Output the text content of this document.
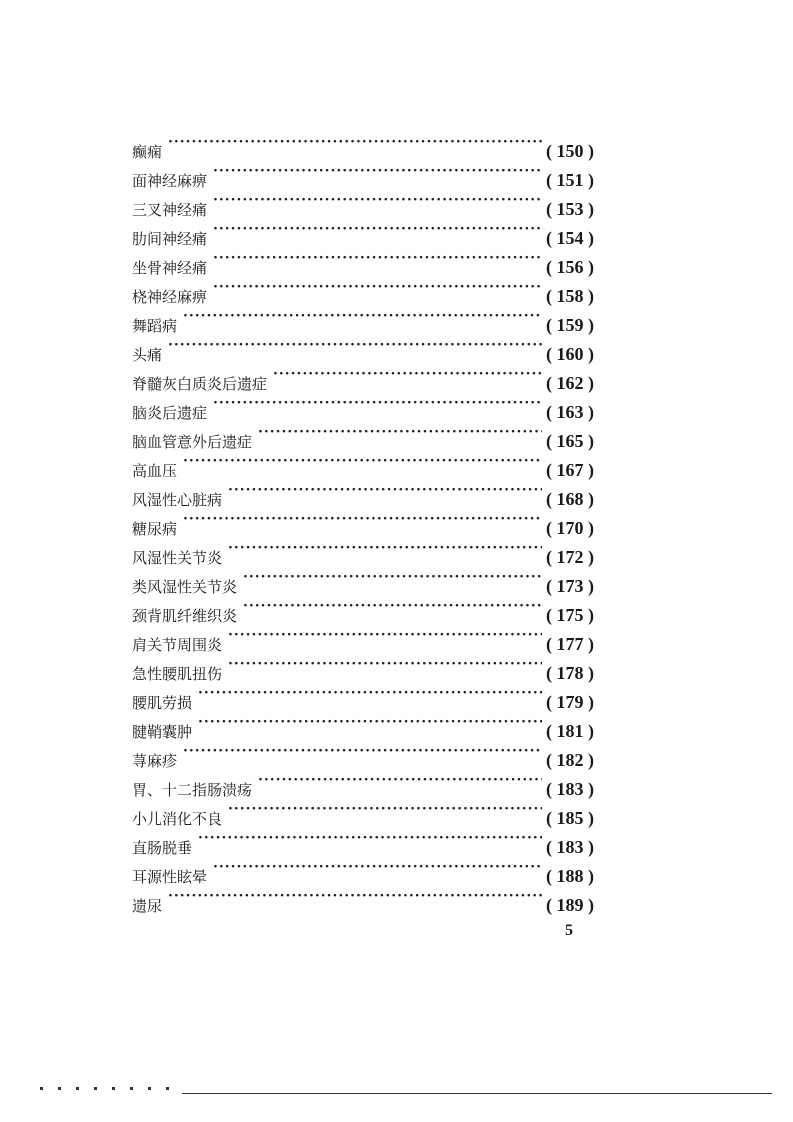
癫痫 ·····	( 150 )
面神经麻痹 ·····	( 151 )
三叉神经痛 ·····	( 153 )
肋间神经痛 ·····	( 154 )
坐骨神经痛 ·····	( 156 )
桡神经麻痹 ·····	( 158 )
舞蹈病 ·····	( 159 )
头痛 ·····	( 160 )
脊髓灰白质炎后遗症 ·····	( 162 )
脑炎后遗症 ·····	( 163 )
脑血管意外后遗症 ·····	( 165 )
高血压 ·····	( 167 )
风湿性心脏病 ·····	( 168 )
糖尿病 ·····	( 170 )
风湿性关节炎 ·····	( 172 )
类风湿性关节炎 ·····	( 173 )
颈背肌纤维织炎 ·····	( 175 )
肩关节周围炎 ·····	( 177 )
急性腰肌扭伤 ·····	( 178 )
腰肌劳损 ·····	( 179 )
腱鞘囊肿 ·····	( 181 )
荨麻疹 ·····	( 182 )
胃、十二指肠溃疡 ·····	( 183 )
小儿消化不良 ·····	( 185 )
直肠脱垂 ·····	( 183 )
耳源性眩晕 ·····	( 188 )
遗尿 ·····	( 189 )
5
